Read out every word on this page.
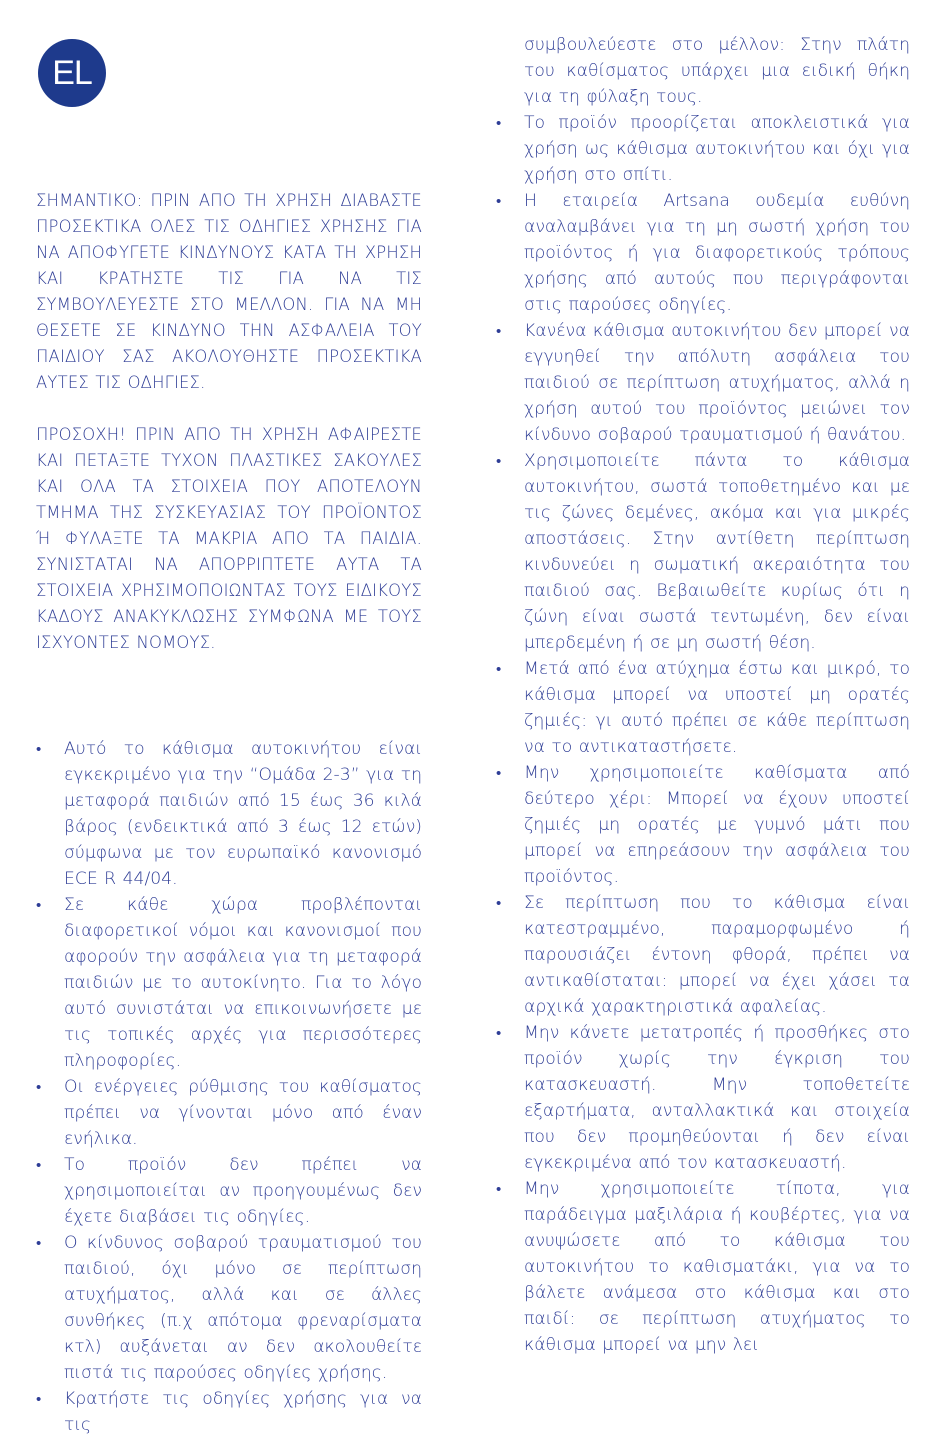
EL

ΣΗΜΑΝΤΙΚΟ: ΠΡΙΝ ΑΠΟ ΤΗ ΧΡΗΣΗ ΔΙΑΒΑΣΤΕ ΠΡΟΣΕΚΤΙΚΑ ΟΛΕΣ ΤΙΣ ΟΔΗΓΙΕΣ ΧΡΗΣΗΣ ΓΙΑ ΝΑ ΑΠΟΦΥΓΕΤΕ ΚΙΝΔΥΝΟΥΣ ΚΑΤΑ ΤΗ ΧΡΗΣΗ ΚΑΙ ΚΡΑΤΗΣΤΕ ΤΙΣ ΓΙΑ ΝΑ ΤΙΣ ΣΥΜΒΟΥΛΕΥΕΣΤΕ ΣΤΟ ΜΕΛΛΟΝ. ΓΙΑ ΝΑ ΜΗ ΘΕΣΕΤΕ ΣΕ ΚΙΝΔΥΝΟ ΤΗΝ ΑΣΦΑΛΕΙΑ ΤΟΥ ΠΑΙΔΙΟΥ ΣΑΣ ΑΚΟΛΟΥΘΗΣΤΕ ΠΡΟΣΕΚΤΙΚΑ ΑΥΤΕΣ ΤΙΣ ΟΔΗΓΙΕΣ.

ΠΡΟΣΟΧΗ! ΠΡΙΝ ΑΠΟ ΤΗ ΧΡΗΣΗ ΑΦΑΙΡΕΣΤΕ ΚΑΙ ΠΕΤΑΞΤΕ ΤΥΧΟΝ ΠΛΑΣΤΙΚΕΣ ΣΑΚΟΥΛΕΣ ΚΑΙ ΟΛΑ ΤΑ ΣΤΟΙΧΕΙΑ ΠΟΥ ΑΠΟΤΕΛΟΥΝ ΤΜΗΜΑ ΤΗΣ ΣΥΣΚΕΥΑΣΙΑΣ ΤΟΥ ΠΡΟΪΟΝΤΟΣ Ή ΦΥΛΑΞΤΕ ΤΑ ΜΑΚΡΙΑ ΑΠΟ ΤΑ ΠΑΙΔΙΑ. ΣΥΝΙΣΤΑΤΑΙ ΝΑ ΑΠΟΡΡΙΠΤΕΤΕ ΑΥΤΑ ΤΑ ΣΤΟΙΧΕΙΑ ΧΡΗΣΙΜΟΠΟΙΩΝΤΑΣ ΤΟΥΣ ΕΙΔΙΚΟΥΣ ΚΑΔΟΥΣ ΑΝΑΚΥΚΛΩΣΗΣ ΣΥΜΦΩΝΑ ΜΕ ΤΟΥΣ ΙΣΧΥΟΝΤΕΣ ΝΟΜΟΥΣ.

• Αυτό το κάθισμα αυτοκινήτου είναι εγκεκριμένο για την “Ομάδα 2-3” για τη μεταφορά παιδιών από 15 έως 36 κιλά βάρος (ενδεικτικά από 3 έως 12 ετών) σύμφωνα με τον ευρωπαϊκό κανονισμό ECE R 44/04.
• Σε κάθε χώρα προβλέπονται διαφορετικοί νόμοι και κανονισμοί που αφορούν την ασφάλεια για τη μεταφορά παιδιών με το αυτοκίνητο. Για το λόγο αυτό συνιστάται να επικοινωνήσετε με τις τοπικές αρχές για περισσότερες πληροφορίες.
• Οι ενέργειες ρύθμισης του καθίσματος πρέπει να γίνονται μόνο από έναν ενήλικα.
• Το προϊόν δεν πρέπει να χρησιμοποιείται αν προηγουμένως δεν έχετε διαβάσει τις οδηγίες.
• Ο κίνδυνος σοβαρού τραυματισμού του παιδιού, όχι μόνο σε περίπτωση ατυχήματος, αλλά και σε άλλες συνθήκες (π.χ απότομα φρεναρίσματα κτλ) αυξάνεται αν δεν ακολουθείτε πιστά τις παρούσες οδηγίες χρήσης.
• Κρατήστε τις οδηγίες χρήσης για να τις

συμβουλεύεστε στο μέλλον: Στην πλάτη του καθίσματος υπάρχει μια ειδική θήκη για τη φύλαξη τους.

• Το προϊόν προορίζεται αποκλειστικά για χρήση ως κάθισμα αυτοκινήτου και όχι για χρήση στο σπίτι.
• Η εταιρεία Artsana ουδεμία ευθύνη αναλαμβάνει για τη μη σωστή χρήση του προϊόντος ή για διαφορετικούς τρόπους χρήσης από αυτούς που περιγράφονται στις παρούσες οδηγίες.
• Κανένα κάθισμα αυτοκινήτου δεν μπορεί να εγγυηθεί την απόλυτη ασφάλεια του παιδιού σε περίπτωση ατυχήματος, αλλά η χρήση αυτού του προϊόντος μειώνει τον κίνδυνο σοβαρού τραυματισμού ή θανάτου.
• Χρησιμοποιείτε πάντα το κάθισμα αυτοκινήτου, σωστά τοποθετημένο και με τις ζώνες δεμένες, ακόμα και για μικρές αποστάσεις. Στην αντίθετη περίπτωση κινδυνεύει η σωματική ακεραιότητα του παιδιού σας. Βεβαιωθείτε κυρίως ότι η ζώνη είναι σωστά τεντωμένη, δεν είναι μπερδεμένη ή σε μη σωστή θέση.
• Μετά από ένα ατύχημα έστω και μικρό, το κάθισμα μπορεί να υποστεί μη ορατές ζημιές: γι αυτό πρέπει σε κάθε περίπτωση να το αντικαταστήσετε.
• Μην χρησιμοποιείτε καθίσματα από δεύτερο χέρι: Μπορεί να έχουν υποστεί ζημιές μη ορατές με γυμνό μάτι που μπορεί να επηρεάσουν την ασφάλεια του προϊόντος.
• Σε περίπτωση που το κάθισμα είναι κατεστραμμένο, παραμορφωμένο ή παρουσιάζει έντονη φθορά, πρέπει να αντικαθίσταται: μπορεί να έχει χάσει τα αρχικά χαρακτηριστικά αφαλείας.
• Μην κάνετε μετατροπές ή προσθήκες στο προϊόν χωρίς την έγκριση του κατασκευαστή. Μην τοποθετείτε εξαρτήματα, ανταλλακτικά και στοιχεία που δεν προμηθεύονται ή δεν είναι εγκεκριμένα από τον κατασκευαστή.
• Μην χρησιμοποιείτε τίποτα, για παράδειγμα μαξιλάρια ή κουβέρτες, για να ανυψώσετε από το κάθισμα του αυτοκινήτου το καθισματάκι, για να το βάλετε ανάμεσα στο κάθισμα και στο παιδί: σε περίπτωση ατυχήματος το κάθισμα μπορεί να μην λει
